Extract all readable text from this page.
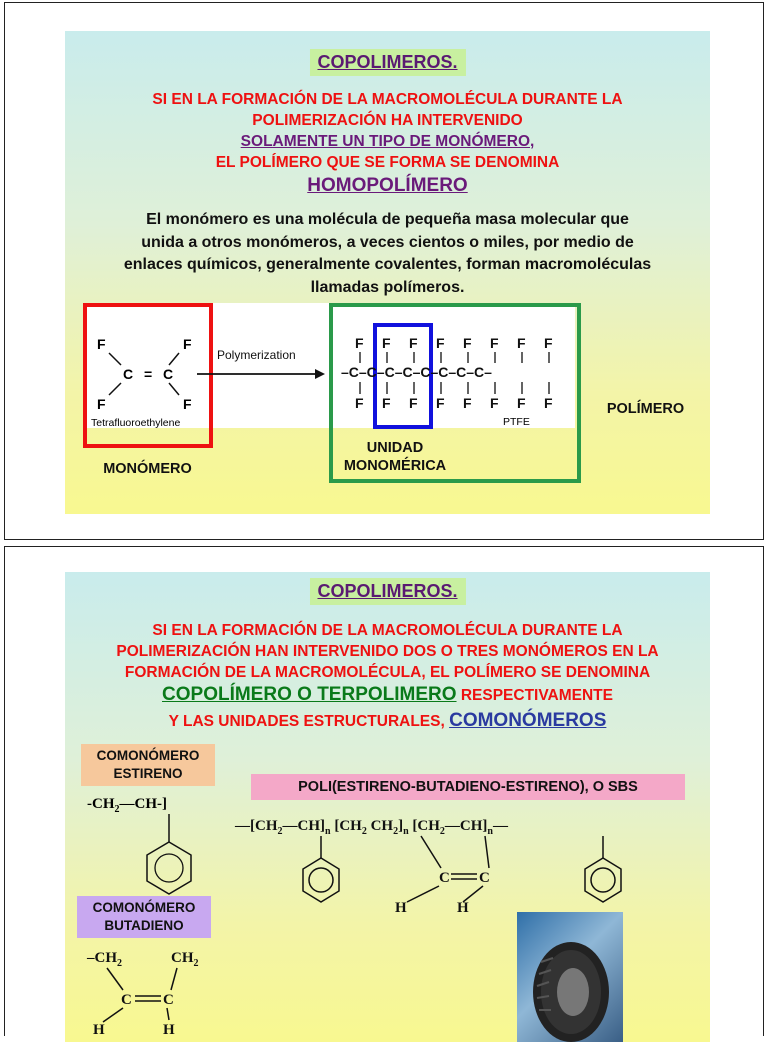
COPOLIMEROS.
SI EN LA FORMACIÓN DE LA MACROMOLÉCULA DURANTE LA
POLIMERIZACIÓN HA INTERVENIDO
SOLAMENTE UN TIPO DE MONÓMERO,
EL POLÍMERO QUE SE FORMA SE DENOMINA
HOMOPOLÍMERO
El monómero es una molécula de pequeña masa molecular que
unida a otros monómeros, a veces cientos o miles, por medio de
enlaces químicos, generalmente covalentes, forman macromoléculas
llamadas polímeros.
F	F
F	F
C = C
Tetrafluoroethylene
Polymerization
F F F F F F F F
–C–C–C–C–C–C–C–C–
F F F F F F F F
PTFE
MONÓMERO
UNIDAD
MONOMÉRICA
POLÍMERO
COPOLIMEROS.
SI EN LA FORMACIÓN DE LA MACROMOLÉCULA DURANTE LA
POLIMERIZACIÓN HAN INTERVENIDO DOS O TRES MONÓMEROS EN LA
FORMACIÓN DE LA MACROMOLÉCULA, EL POLÍMERO SE DENOMINA
COPOLÍMERO O TERPOLIMERO RESPECTIVAMENTE
Y LAS UNIDADES ESTRUCTURALES, COMONÓMEROS
COMONÓMERO
ESTIRENO
POLI(ESTIRENO-BUTADIENO-ESTIRENO), O SBS
$-CH_2—CH-$]
$—[CH_2—CH]_n$ [$CH_2$ $CH_2]_n$ $[CH_2—CH]_n—$
C C
H	H
COMONÓMERO
BUTADIENO
$-CH_2$	$CH_2$
C C
H	H
